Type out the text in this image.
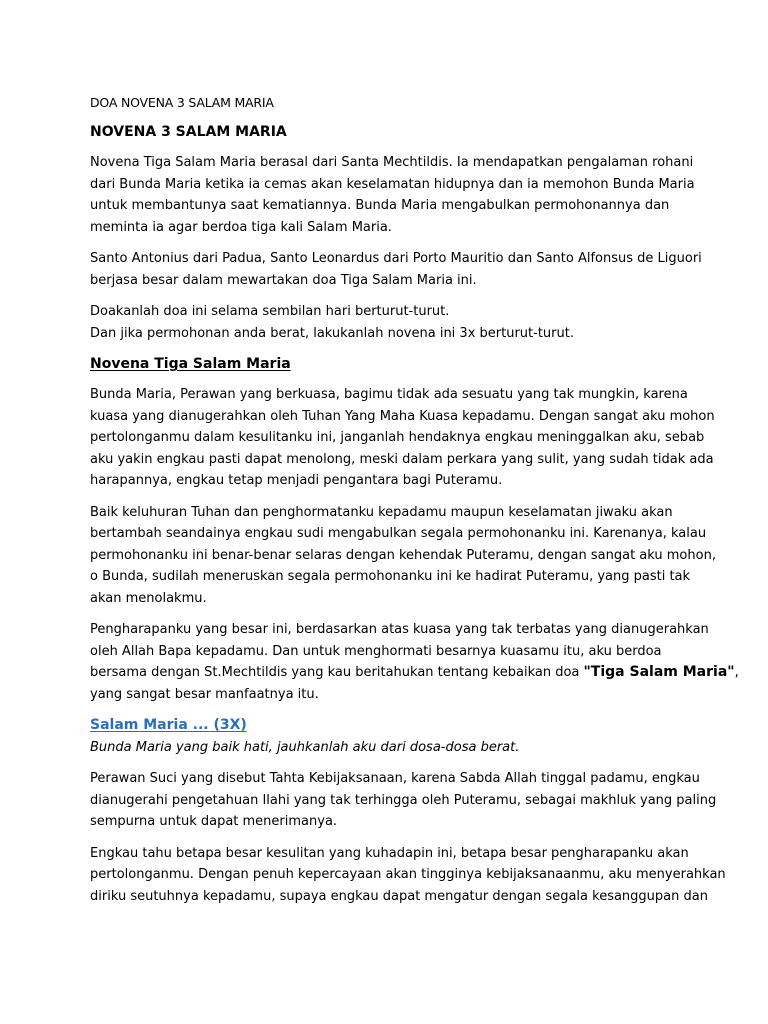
DOA NOVENA 3 SALAM MARIA
NOVENA 3 SALAM MARIA

Novena Tiga Salam Maria berasal dari Santa Mechtildis. Ia mendapatkan pengalaman rohani
dari Bunda Maria ketika ia cemas akan keselamatan hidupnya dan ia memohon Bunda Maria
untuk membantunya saat kematiannya. Bunda Maria mengabulkan permohonannya dan
meminta ia agar berdoa tiga kali Salam Maria.

Santo Antonius dari Padua, Santo Leonardus dari Porto Mauritio dan Santo Alfonsus de Liguori
berjasa besar dalam mewartakan doa Tiga Salam Maria ini.

Doakanlah doa ini selama sembilan hari berturut-turut.
Dan jika permohonan anda berat, lakukanlah novena ini 3x berturut-turut.

Novena Tiga Salam Maria

Bunda Maria, Perawan yang berkuasa, bagimu tidak ada sesuatu yang tak mungkin, karena
kuasa yang dianugerahkan oleh Tuhan Yang Maha Kuasa kepadamu. Dengan sangat aku mohon
pertolonganmu dalam kesulitanku ini, janganlah hendaknya engkau meninggalkan aku, sebab
aku yakin engkau pasti dapat menolong, meski dalam perkara yang sulit, yang sudah tidak ada
harapannya, engkau tetap menjadi pengantara bagi Puteramu.

Baik keluhuran Tuhan dan penghormatanku kepadamu maupun keselamatan jiwaku akan
bertambah seandainya engkau sudi mengabulkan segala permohonanku ini. Karenanya, kalau
permohonanku ini benar-benar selaras dengan kehendak Puteramu, dengan sangat aku mohon,
o Bunda, sudilah meneruskan segala permohonanku ini ke hadirat Puteramu, yang pasti tak
akan menolakmu.

Pengharapanku yang besar ini, berdasarkan atas kuasa yang tak terbatas yang dianugerahkan
oleh Allah Bapa kepadamu. Dan untuk menghormati besarnya kuasamu itu, aku berdoa
bersama dengan St.Mechtildis yang kau beritahukan tentang kebaikan doa "Tiga Salam Maria",
yang sangat besar manfaatnya itu.

Salam Maria ... (3X)
Bunda Maria yang baik hati, jauhkanlah aku dari dosa-dosa berat.

Perawan Suci yang disebut Tahta Kebijaksanaan, karena Sabda Allah tinggal padamu, engkau
dianugerahi pengetahuan Ilahi yang tak terhingga oleh Puteramu, sebagai makhluk yang paling
sempurna untuk dapat menerimanya.

Engkau tahu betapa besar kesulitan yang kuhadapin ini, betapa besar pengharapanku akan
pertolonganmu. Dengan penuh kepercayaan akan tingginya kebijaksanaanmu, aku menyerahkan
diriku seutuhnya kepadamu, supaya engkau dapat mengatur dengan segala kesanggupan dan
